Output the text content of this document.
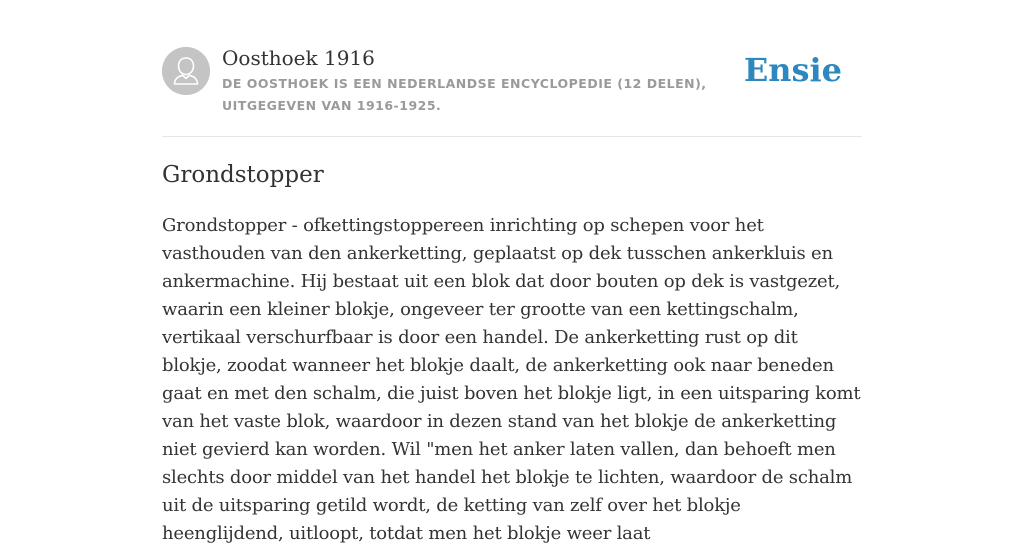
Oosthoek 1916
DE OOSTHOEK IS EEN NEDERLANDSE ENCYCLOPEDIE (12 DELEN), UITGEGEVEN VAN 1916-1925.
Ensie
Grondstopper

Grondstopper - ofkettingstoppereen inrichting op schepen voor het vasthouden van den ankerketting, geplaatst op dek tusschen ankerkluis en ankermachine. Hij bestaat uit een blok dat door bouten op dek is vastgezet, waarin een kleiner blokje, ongeveer ter grootte van een kettingschalm, vertikaal verschurfbaar is door een handel. De ankerketting rust op dit blokje, zoodat wanneer het blokje daalt, de ankerketting ook naar beneden gaat en met den schalm, die juist boven het blokje ligt, in een uitsparing komt van het vaste blok, waardoor in dezen stand van het blokje de ankerketting niet gevierd kan worden. Wil "men het anker laten vallen, dan behoeft men slechts door middel van het handel het blokje te lichten, waardoor de schalm uit de uitsparing getild wordt, de ketting van zelf over het blokje heenglijdend, uitloopt, totdat men het blokje weer laat
